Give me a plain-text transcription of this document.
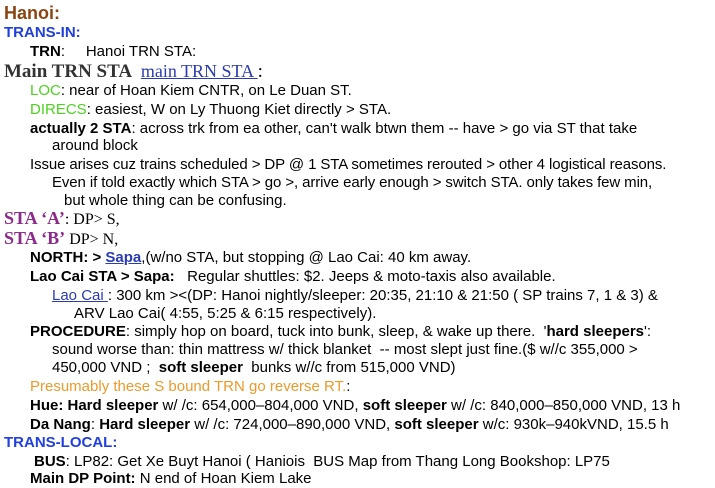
Hanoi:
TRANS-IN:
TRN:     Hanoi TRN STA:
Main TRN STA main TRN STA :
LOC: near of Hoan Kiem CNTR, on Le Duan ST.
DIRECS: easiest, W on Ly Thuong Kiet directly > STA.
actually 2 STA: across trk from ea other, can't walk btwn them -- have > go via ST that take
around block
Issue arises cuz trains scheduled > DP @ 1 STA sometimes rerouted > other 4 logistical reasons.
Even if told exactly which STA > go >, arrive early enough > switch STA. only takes few min,
but whole thing can be confusing.
STA ‘A’: DP> S,
STA ‘B’ DP> N,
NORTH: > Sapa,(w/no STA, but stopping @ Lao Cai: 40 km away.
Lao Cai STA > Sapa:   Regular shuttles: $2. Jeeps & moto-taxis also available.
Lao Cai : 300 km ><(DP: Hanoi nightly/sleeper: 20:35, 21:10 & 21:50 ( SP trains 7, 1 & 3) &
ARV Lao Cai( 4:55, 5:25 & 6:15 respectively).
PROCEDURE: simply hop on board, tuck into bunk, sleep, & wake up there.  'hard sleepers':
sound worse than: thin mattress w/ thick blanket  -- most slept just fine.($ w//c 355,000 >
450,000 VND ;  soft sleeper  bunks w//c from 515,000 VND)
Presumably these S bound TRN go reverse RT.:
Hue: Hard sleeper w/ /c: 654,000–804,000 VND, soft sleeper w/ /c: 840,000–850,000 VND, 13 h
Da Nang: Hard sleeper w/ /c: 724,000–890,000 VND, soft sleeper w/c: 930k–940kVND, 15.5 h
TRANS-LOCAL:
BUS: LP82: Get Xe Buyt Hanoi ( Haniois  BUS Map from Thang Long Bookshop: LP75
Main DP Point: N end of Hoan Kiem Lake
